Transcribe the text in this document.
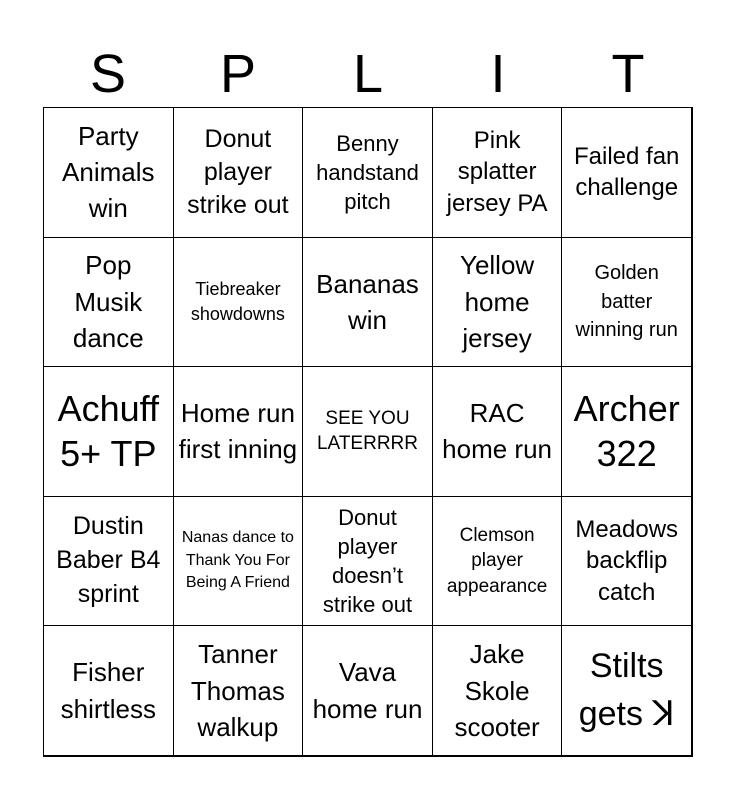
S	P	L	I	T
Party Animals win
Donut player strike out
Benny handstand pitch
Pink splatter jersey PA
Failed fan challenge
Pop Musik dance
Tiebreaker showdowns
Bananas win
Yellow home jersey
Golden batter winning run
Achuff 5+ TP
Home run first inning
SEE YOU LATERRRR
RAC home run
Archer 322
Dustin Baber B4 sprint
Nanas dance to Thank You For Being A Friend
Donut player doesn’t strike out
Clemson player appearance
Meadows backflip catch
Fisher shirtless
Tanner Thomas walkup
Vava home run
Jake Skole scooter
Stilts gets ꓘ
